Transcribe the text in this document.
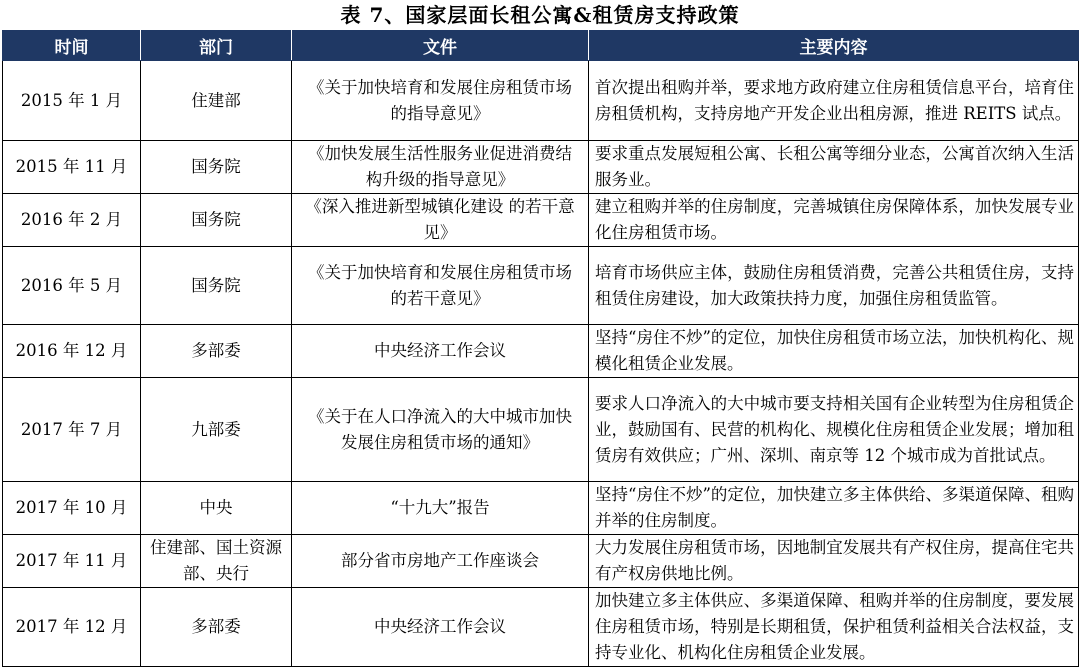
表 7、国家层面长租公寓&租赁房支持政策
时间	部门	文件	主要内容
2015 年 1 月	住建部	《关于加快培育和发展住房租赁市场的指导意见》	首次提出租购并举，要求地方政府建立住房租赁信息平台，培育住房租赁机构，支持房地产开发企业出租房源，推进 REITS 试点。
2015 年 11 月	国务院	《加快发展生活性服务业促进消费结构升级的指导意见》	要求重点发展短租公寓、长租公寓等细分业态，公寓首次纳入生活服务业。
2016 年 2 月	国务院	《深入推进新型城镇化建设 的若干意见》	建立租购并举的住房制度，完善城镇住房保障体系，加快发展专业化住房租赁市场。
2016 年 5 月	国务院	《关于加快培育和发展住房租赁市场的若干意见》	培育市场供应主体，鼓励住房租赁消费，完善公共租赁住房，支持租赁住房建设，加大政策扶持力度，加强住房租赁监管。
2016 年 12 月	多部委	中央经济工作会议	坚持“房住不炒”的定位，加快住房租赁市场立法，加快机构化、规模化租赁企业发展。
2017 年 7 月	九部委	《关于在人口净流入的大中城市加快发展住房租赁市场的通知》	要求人口净流入的大中城市要支持相关国有企业转型为住房租赁企业，鼓励国有、民营的机构化、规模化住房租赁企业发展；增加租赁房有效供应；广州、深圳、南京等 12 个城市成为首批试点。
2017 年 10 月	中央	“十九大”报告	坚持“房住不炒”的定位，加快建立多主体供给、多渠道保障、租购并举的住房制度。
2017 年 11 月	住建部、国土资源部、央行	部分省市房地产工作座谈会	大力发展住房租赁市场，因地制宜发展共有产权住房，提高住宅共有产权房供地比例。
2017 年 12 月	多部委	中央经济工作会议	加快建立多主体供应、多渠道保障、租购并举的住房制度，要发展住房租赁市场，特别是长期租赁，保护租赁利益相关合法权益，支持专业化、机构化住房租赁企业发展。
